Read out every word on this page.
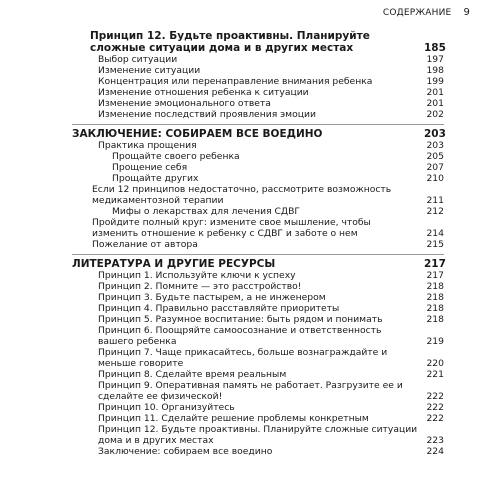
СОДЕРЖАНИЕ 9
Принцип 12. Будьте проактивны. Планируйте сложные ситуации дома и в других местах	185
Выбор ситуации	197
Изменение ситуации	198
Концентрация или перенаправление внимания ребенка	199
Изменение отношения ребенка к ситуации	201
Изменение эмоционального ответа	201
Изменение последствий проявления эмоции	202
ЗАКЛЮЧЕНИЕ: СОБИРАЕМ ВСЕ ВОЕДИНО	203
Практика прощения	203
Прощайте своего ребенка	205
Прощение себя	207
Прощайте других	210
Если 12 принципов недостаточно, рассмотрите возможность медикаментозной терапии	211
Мифы о лекарствах для лечения СДВГ	212
Пройдите полный круг: измените свое мышление, чтобы изменить отношение к ребенку с СДВГ и заботе о нем	214
Пожелание от автора	215
ЛИТЕРАТУРА И ДРУГИЕ РЕСУРСЫ	217
Принцип 1. Используйте ключи к успеху	217
Принцип 2. Помните — это расстройство!	218
Принцип 3. Будьте пастырем, а не инженером	218
Принцип 4. Правильно расставляйте приоритеты	218
Принцип 5. Разумное воспитание: быть рядом и понимать	218
Принцип 6. Поощряйте самоосознание и ответственность вашего ребенка	219
Принцип 7. Чаще прикасайтесь, больше вознаграждайте и меньше говорите	220
Принцип 8. Сделайте время реальным	221
Принцип 9. Оперативная память не работает. Разгрузите ее и сделайте ее физической!	222
Принцип 10. Организуйтесь	222
Принцип 11. Сделайте решение проблемы конкретным	222
Принцип 12. Будьте проактивны. Планируйте сложные ситуации дома и в других местах	223
Заключение: собираем все воедино	224
